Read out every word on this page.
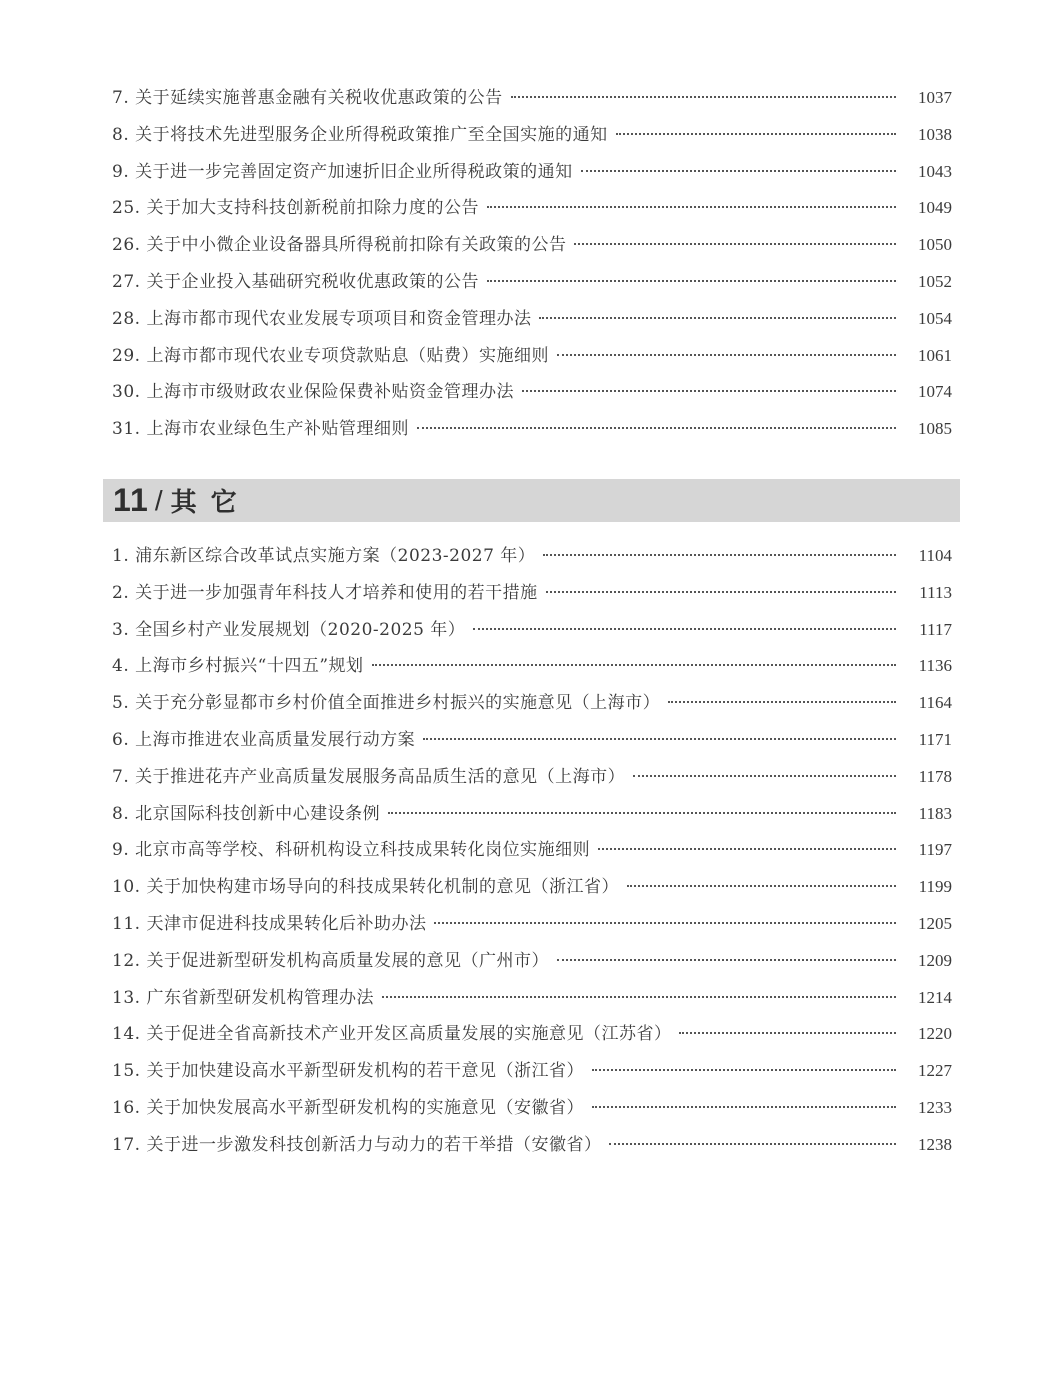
7. 关于延续实施普惠金融有关税收优惠政策的公告	1037
8. 关于将技术先进型服务企业所得税政策推广至全国实施的通知	1038
9. 关于进一步完善固定资产加速折旧企业所得税政策的通知	1043
25. 关于加大支持科技创新税前扣除力度的公告	1049
26. 关于中小微企业设备器具所得税前扣除有关政策的公告	1050
27. 关于企业投入基础研究税收优惠政策的公告	1052
28. 上海市都市现代农业发展专项项目和资金管理办法	1054
29. 上海市都市现代农业专项贷款贴息（贴费）实施细则	1061
30. 上海市市级财政农业保险保费补贴资金管理办法	1074
31. 上海市农业绿色生产补贴管理细则	1085
11 / 其它
1. 浦东新区综合改革试点实施方案（2023-2027 年）	1104
2. 关于进一步加强青年科技人才培养和使用的若干措施	1113
3. 全国乡村产业发展规划（2020-2025 年）	1117
4. 上海市乡村振兴“十四五”规划	1136
5. 关于充分彰显都市乡村价值全面推进乡村振兴的实施意见（上海市）	1164
6. 上海市推进农业高质量发展行动方案	1171
7. 关于推进花卉产业高质量发展服务高品质生活的意见（上海市）	1178
8. 北京国际科技创新中心建设条例	1183
9. 北京市高等学校、科研机构设立科技成果转化岗位实施细则	1197
10. 关于加快构建市场导向的科技成果转化机制的意见（浙江省）	1199
11. 天津市促进科技成果转化后补助办法	1205
12. 关于促进新型研发机构高质量发展的意见（广州市）	1209
13. 广东省新型研发机构管理办法	1214
14. 关于促进全省高新技术产业开发区高质量发展的实施意见（江苏省）	1220
15. 关于加快建设高水平新型研发机构的若干意见（浙江省）	1227
16. 关于加快发展高水平新型研发机构的实施意见（安徽省）	1233
17. 关于进一步激发科技创新活力与动力的若干举措（安徽省）	1238
